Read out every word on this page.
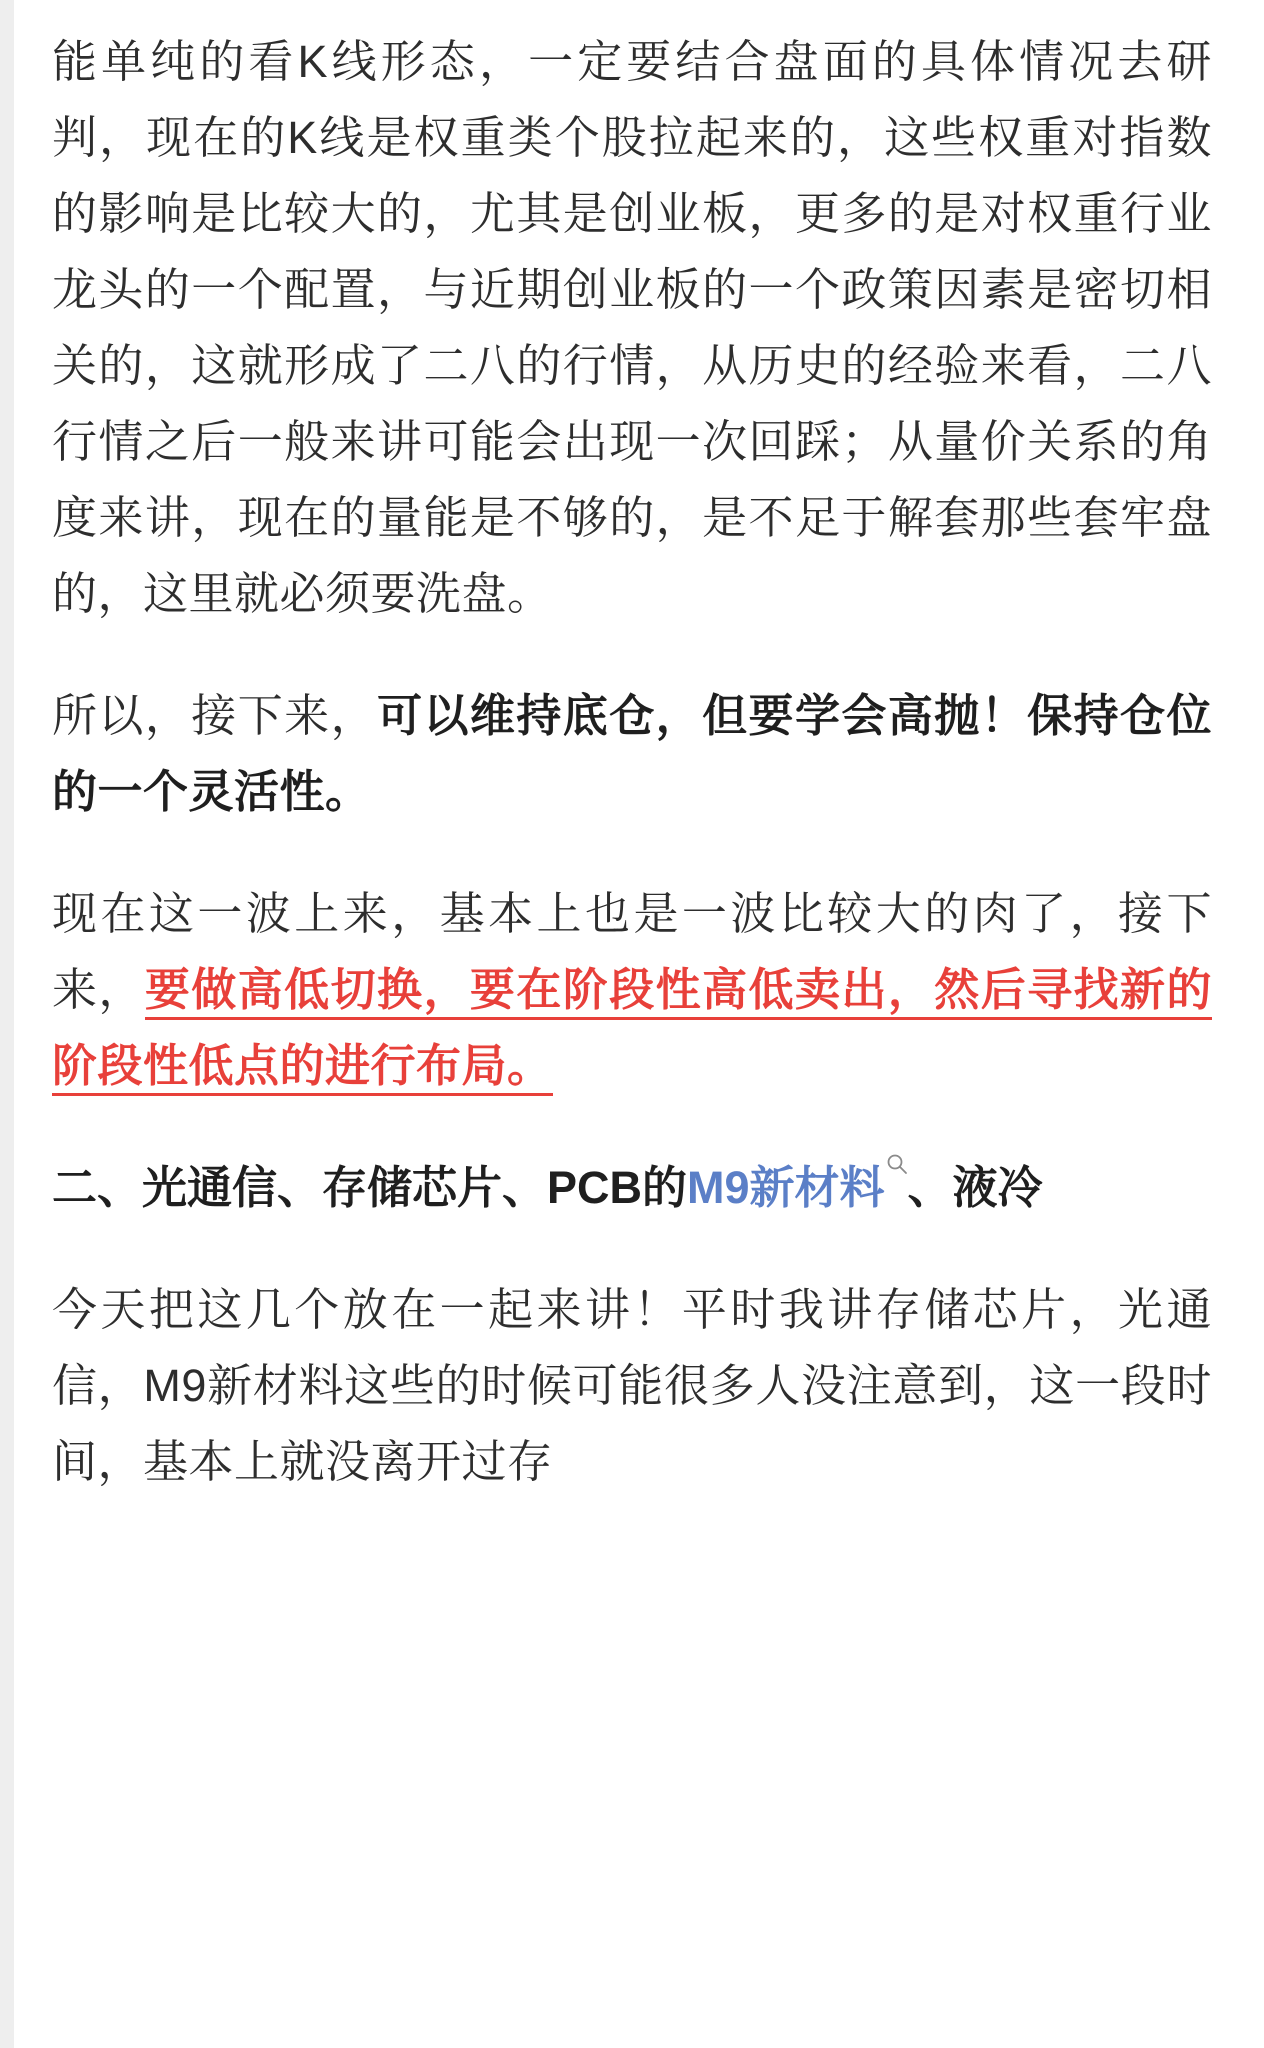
能单纯的看K线形态，一定要结合盘面的具体情况去研判，现在的K线是权重类个股拉起来的，这些权重对指数的影响是比较大的，尤其是创业板，更多的是对权重行业龙头的一个配置，与近期创业板的一个政策因素是密切相关的，这就形成了二八的行情，从历史的经验来看，二八行情之后一般来讲可能会出现一次回踩；从量价关系的角度来讲，现在的量能是不够的，是不足于解套那些套牢盘的，这里就必须要洗盘。

所以，接下来，可以维持底仓，但要学会高抛！保持仓位的一个灵活性。

现在这一波上来，基本上也是一波比较大的肉了，接下来，要做高低切换，要在阶段性高低卖出，然后寻找新的阶段性低点的进行布局。

二、光通信、存储芯片、PCB的M9新材料 、液冷

今天把这几个放在一起来讲！平时我讲存储芯片，光通信，M9新材料这些的时候可能很多人没注意到，这一段时间，基本上就没离开过存
